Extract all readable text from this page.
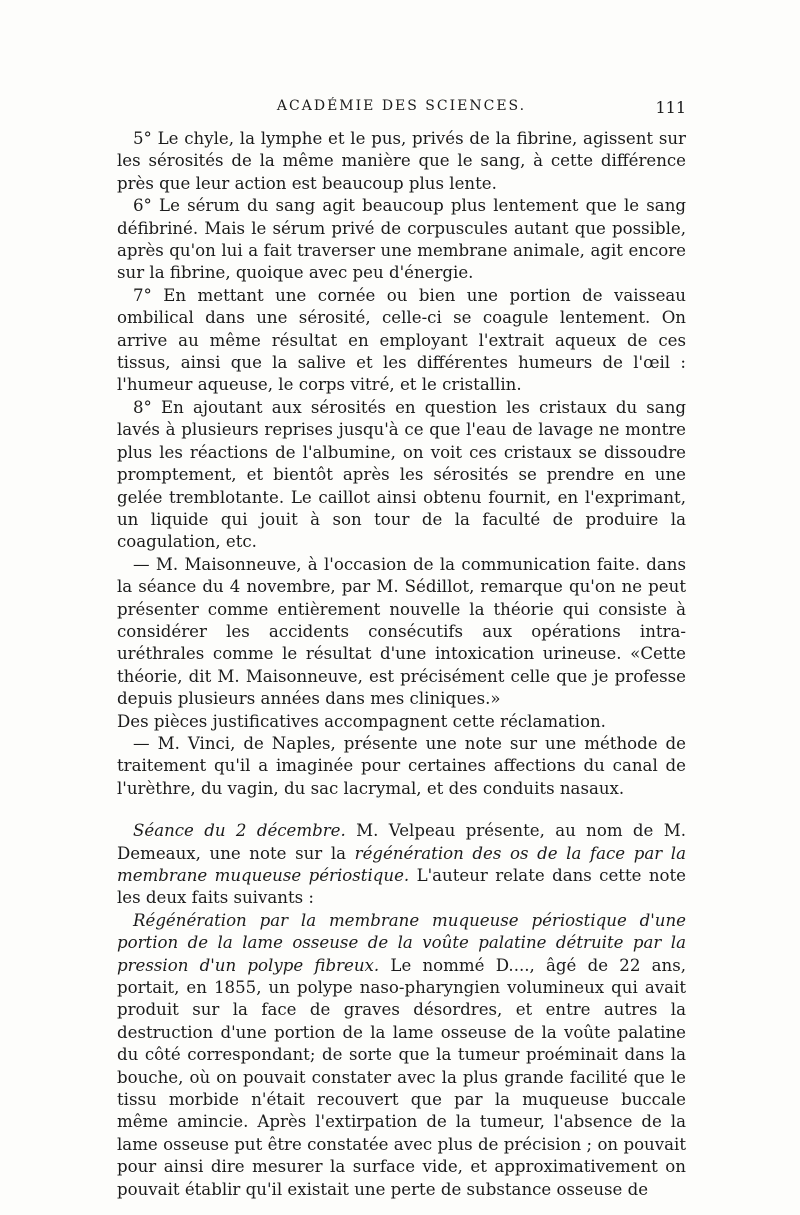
ACADÉMIE DES SCIENCES.	111

5° Le chyle, la lymphe et le pus, privés de la fibrine, agissent sur les sérosités de la même manière que le sang, à cette différence près que leur action est beaucoup plus lente.

6° Le sérum du sang agit beaucoup plus lentement que le sang défibriné. Mais le sérum privé de corpuscules autant que possible, après qu'on lui a fait traverser une membrane animale, agit encore sur la fibrine, quoique avec peu d'énergie.

7° En mettant une cornée ou bien une portion de vaisseau ombilical dans une sérosité, celle-ci se coagule lentement. On arrive au même résultat en employant l'extrait aqueux de ces tissus, ainsi que la salive et les différentes humeurs de l'œil : l'humeur aqueuse, le corps vitré, et le cristallin.

8° En ajoutant aux sérosités en question les cristaux du sang lavés à plusieurs reprises jusqu'à ce que l'eau de lavage ne montre plus les réactions de l'albumine, on voit ces cristaux se dissoudre promptement, et bientôt après les sérosités se prendre en une gelée tremblotante. Le caillot ainsi obtenu fournit, en l'exprimant, un liquide qui jouit à son tour de la faculté de produire la coagulation, etc.

— M. Maisonneuve, à l'occasion de la communication faite. dans la séance du 4 novembre, par M. Sédillot, remarque qu'on ne peut présenter comme entièrement nouvelle la théorie qui consiste à considérer les accidents consécutifs aux opérations intra-uréthrales comme le résultat d'une intoxication urineuse. «Cette théorie, dit M. Maisonneuve, est précisément celle que je professe depuis plusieurs années dans mes cliniques.»

Des pièces justificatives accompagnent cette réclamation.

— M. Vinci, de Naples, présente une note sur une méthode de traitement qu'il a imaginée pour certaines affections du canal de l'urèthre, du vagin, du sac lacrymal, et des conduits nasaux.

Séance du 2 décembre. M. Velpeau présente, au nom de M. Demeaux, une note sur la régénération des os de la face par la membrane muqueuse périostique. L'auteur relate dans cette note les deux faits suivants :

Régénération par la membrane muqueuse périostique d'une portion de la lame osseuse de la voûte palatine détruite par la pression d'un polype fibreux. Le nommé D...., âgé de 22 ans, portait, en 1855, un polype naso-pharyngien volumineux qui avait produit sur la face de graves désordres, et entre autres la destruction d'une portion de la lame osseuse de la voûte palatine du côté correspondant; de sorte que la tumeur proéminait dans la bouche, où on pouvait constater avec la plus grande facilité que le tissu morbide n'était recouvert que par la muqueuse buccale même amincie. Après l'extirpation de la tumeur, l'absence de la lame osseuse put être constatée avec plus de précision ; on pouvait pour ainsi dire mesurer la surface vide, et approximativement on pouvait établir qu'il existait une perte de substance osseuse de
